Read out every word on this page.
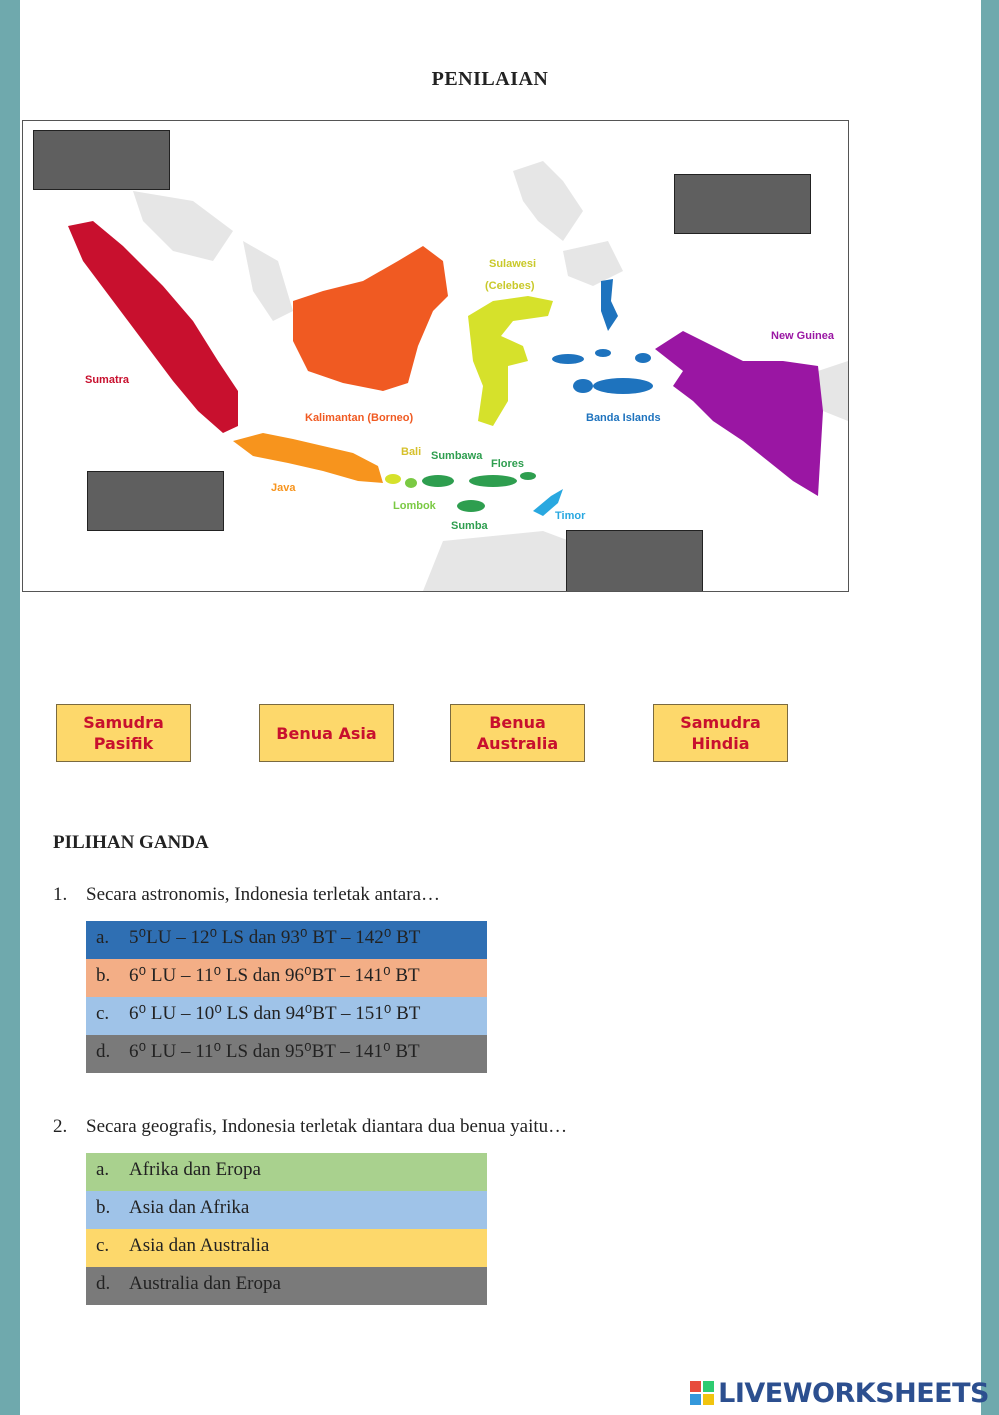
PENILAIAN
Sumatra
Kalimantan (Borneo)
Sulawesi
(Celebes)
Banda Islands
New Guinea
Java
Bali Sumbawa
Flores
Lombok
Sumba
Timor
Samudra
Pasifik
Benua Asia
Benua
Australia
Samudra
Hindia
PILIHAN GANDA
1. Secara astronomis, Indonesia terletak antara…
a. 5⁰LU – 12⁰ LS dan 93⁰ BT – 142⁰ BT
b. 6⁰ LU – 11⁰ LS dan 96⁰BT – 141⁰ BT
c. 6⁰ LU – 10⁰ LS dan 94⁰BT – 151⁰ BT
d. 6⁰ LU – 11⁰ LS dan 95⁰BT – 141⁰ BT
2. Secara geografis, Indonesia terletak diantara dua benua yaitu…
a. Afrika dan Eropa
b. Asia dan Afrika
c. Asia dan Australia
d. Australia dan Eropa
LIVEWORKSHEETS
